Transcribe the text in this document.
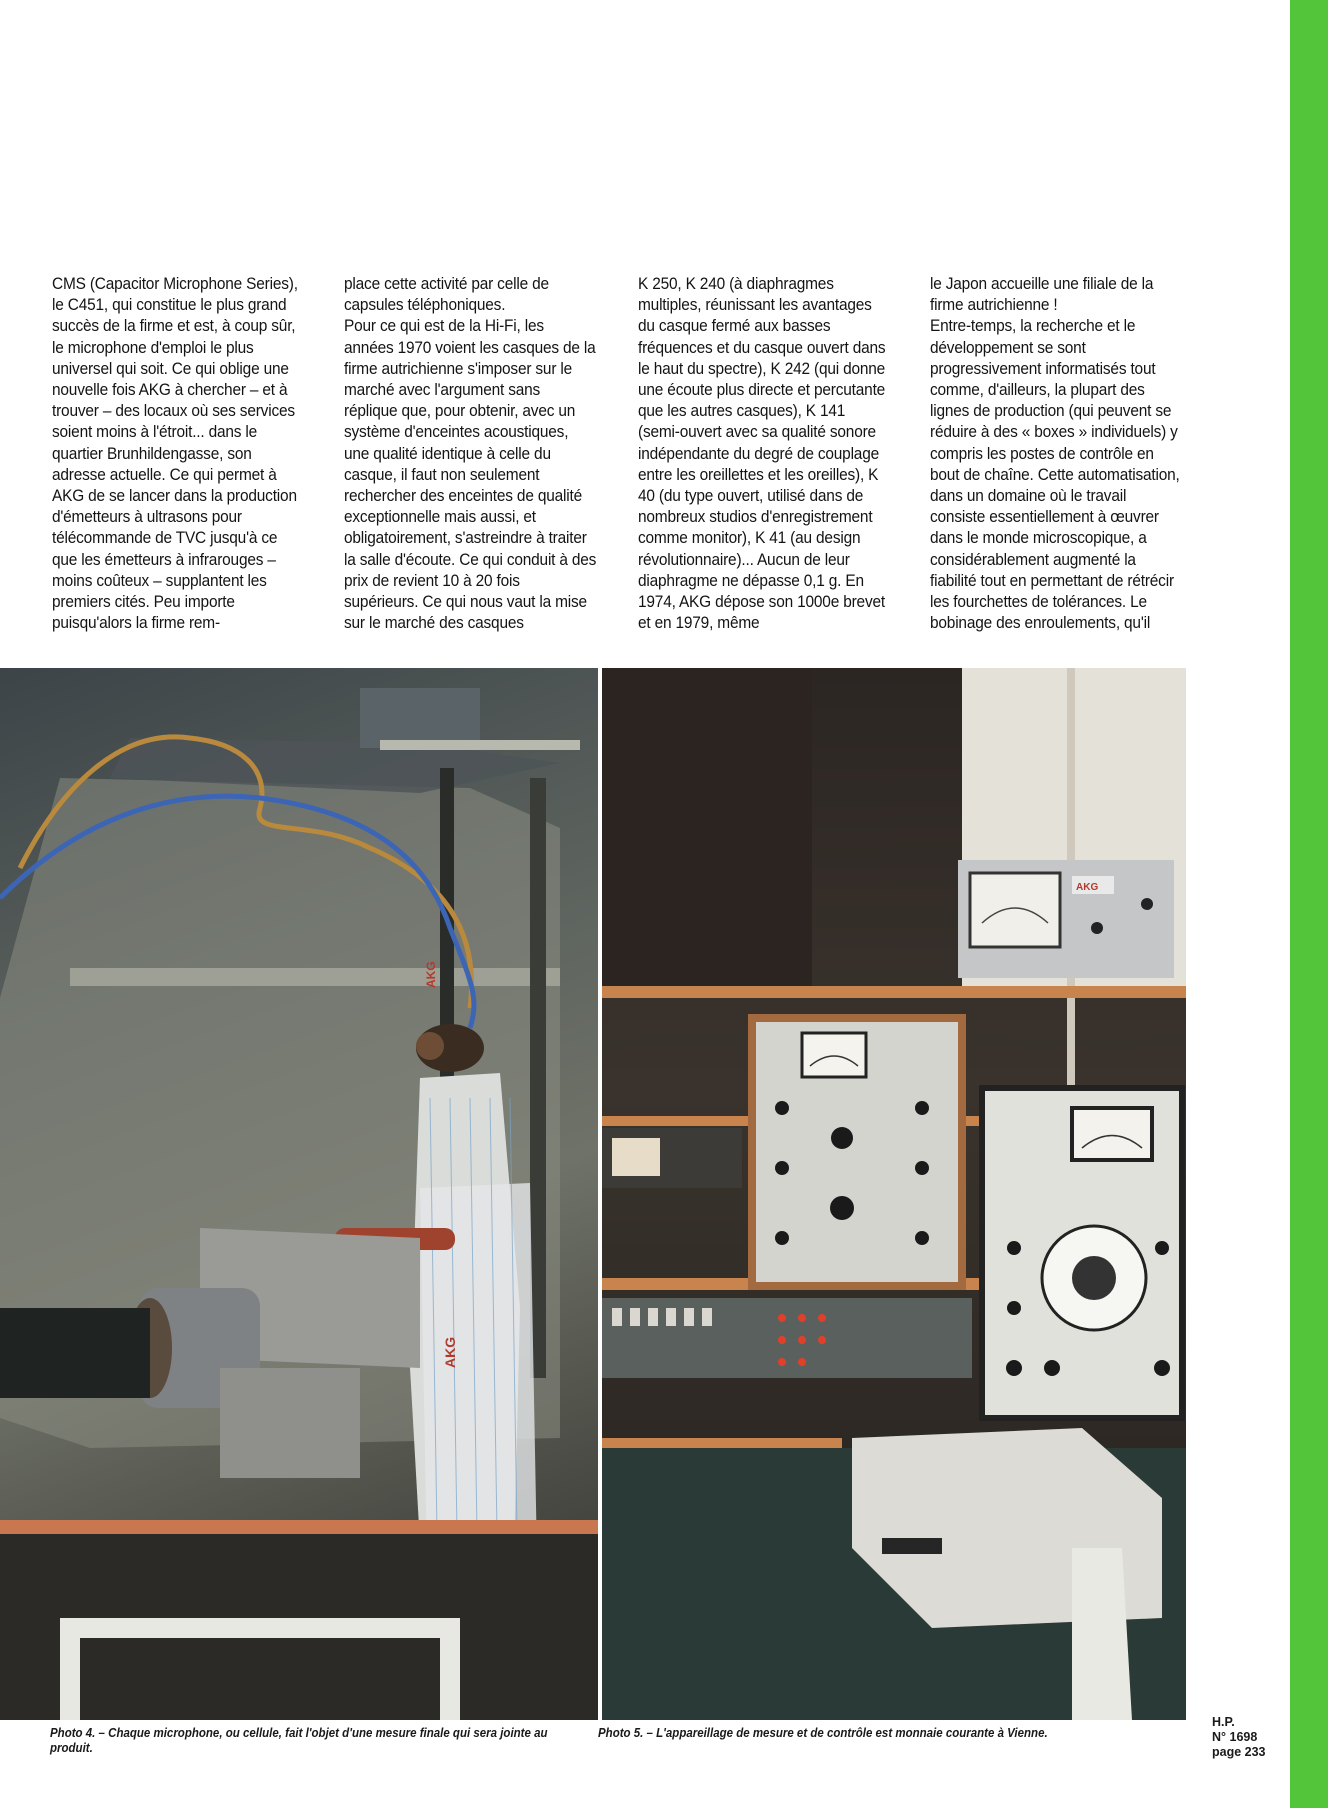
CMS (Capacitor Microphone Series), le C451, qui constitue le plus grand succès de la firme et est, à coup sûr, le microphone d'emploi le plus universel qui soit. Ce qui oblige une nouvelle fois AKG à chercher – et à trouver – des locaux où ses services soient moins à l'étroit... dans le quartier Brunhildengasse, son adresse actuelle. Ce qui permet à AKG de se lancer dans la production d'émetteurs à ultrasons pour télécommande de TVC jusqu'à ce que les émetteurs à infrarouges – moins coûteux – supplantent les premiers cités. Peu importe puisqu'alors la firme rem-

place cette activité par celle de capsules téléphoniques.
Pour ce qui est de la Hi-Fi, les années 1970 voient les casques de la firme autrichienne s'imposer sur le marché avec l'argument sans réplique que, pour obtenir, avec un système d'enceintes acoustiques, une qualité identique à celle du casque, il faut non seulement rechercher des enceintes de qualité exceptionnelle mais aussi, et obligatoirement, s'astreindre à traiter la salle d'écoute. Ce qui conduit à des prix de revient 10 à 20 fois supérieurs. Ce qui nous vaut la mise sur le marché des casques

K 250, K 240 (à diaphragmes multiples, réunissant les avantages du casque fermé aux basses fréquences et du casque ouvert dans le haut du spectre), K 242 (qui donne une écoute plus directe et percutante que les autres casques), K 141 (semi-ouvert avec sa qualité sonore indépendante du degré de couplage entre les oreillettes et les oreilles), K 40 (du type ouvert, utilisé dans de nombreux studios d'enregistrement comme monitor), K 41 (au design révolutionnaire)... Aucun de leur diaphragme ne dépasse 0,1 g. En 1974, AKG dépose son 1000e brevet et en 1979, même

le Japon accueille une filiale de la firme autrichienne !
Entre-temps, la recherche et le développement se sont progressivement informatisés tout comme, d'ailleurs, la plupart des lignes de production (qui peuvent se réduire à des « boxes » individuels) y compris les postes de contrôle en bout de chaîne. Cette automatisation, dans un domaine où le travail consiste essentiellement à œuvrer dans le monde microscopique, a considérablement augmenté la fiabilité tout en permettant de rétrécir les fourchettes de tolérances. Le bobinage des enroulements, qu'il

AKG
AKG
AKG
Photo 4. – Chaque microphone, ou cellule, fait l'objet d'une mesure finale qui sera jointe au produit.
Photo 5. – L'appareillage de mesure et de contrôle est monnaie courante à Vienne.
H.P.
N° 1698
page 233
